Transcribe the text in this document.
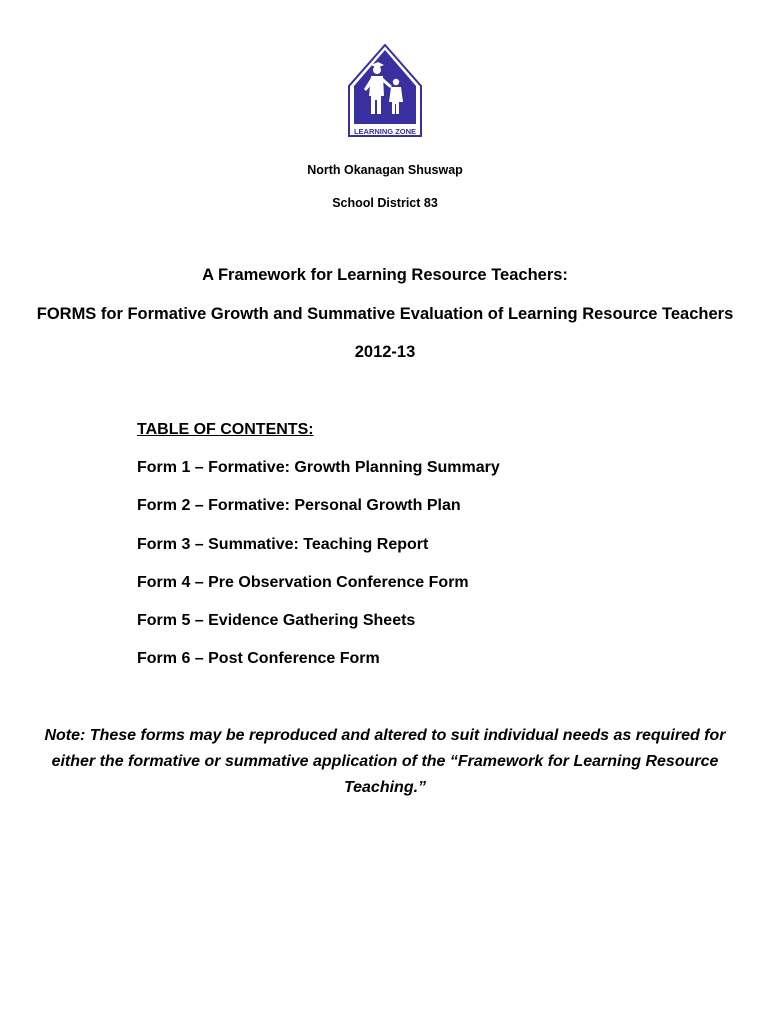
LEARNING ZONE
North Okanagan Shuswap
School District 83
A Framework for Learning Resource Teachers:
FORMS for Formative Growth and Summative Evaluation of Learning Resource Teachers
2012-13
TABLE OF CONTENTS:
Form 1 – Formative: Growth Planning Summary
Form 2 – Formative: Personal Growth Plan
Form 3 – Summative: Teaching Report
Form 4 – Pre Observation Conference Form
Form 5 – Evidence Gathering Sheets
Form 6 – Post Conference Form
Note: These forms may be reproduced and altered to suit individual needs as required for either the formative or summative application of the “Framework for Learning Resource Teaching.”
